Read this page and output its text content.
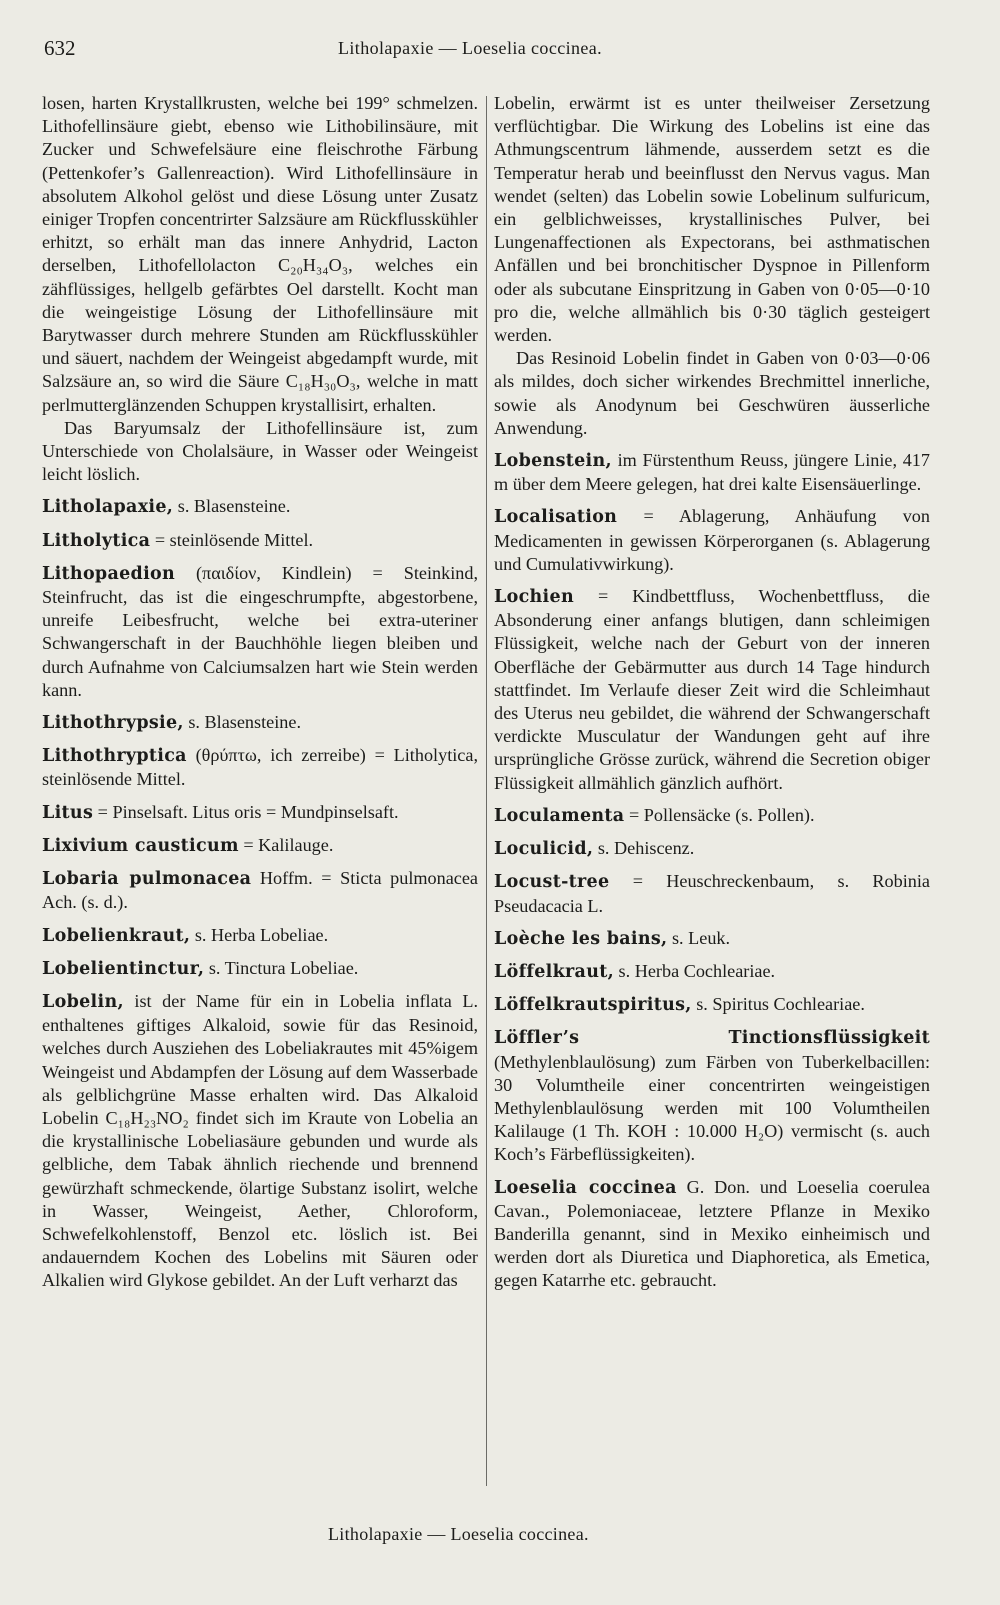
632	Litholapaxie — Loeselia coccinea.

losen, harten Krystallkrusten, welche bei 199° schmelzen. Lithofellinsäure giebt, ebenso wie Lithobilinsäure, mit Zucker und Schwefelsäure eine fleischrothe Färbung (Pettenkofer’s Gallenreaction). Wird Lithofellinsäure in absolutem Alkohol gelöst und diese Lösung unter Zusatz einiger Tropfen concentrirter Salzsäure am Rückflusskühler erhitzt, so erhält man das innere Anhydrid, Lacton derselben, Lithofellolacton C₂₀H₃₄O₃, welches ein zähflüssiges, hellgelb gefärbtes Oel darstellt. Kocht man die weingeistige Lösung der Lithofellinsäure mit Barytwasser durch mehrere Stunden am Rückflusskühler und säuert, nachdem der Weingeist abgedampft wurde, mit Salzsäure an, so wird die Säure C₁₈H₃₀O₃, welche in matt perlmutterglänzenden Schuppen krystallisirt, erhalten.

Das Baryumsalz der Lithofellinsäure ist, zum Unterschiede von Cholalsäure, in Wasser oder Weingeist leicht löslich.

Litholapaxie, s. Blasensteine.

Litholytica = steinlösende Mittel.

Lithopaedion (παιδίον, Kindlein) = Steinkind, Steinfrucht, das ist die eingeschrumpfte, abgestorbene, unreife Leibesfrucht, welche bei extra-uteriner Schwangerschaft in der Bauchhöhle liegen bleiben und durch Aufnahme von Calciumsalzen hart wie Stein werden kann.

Lithothrypsie, s. Blasensteine.

Lithothryptica (θρύπτω, ich zerreibe) = Litholytica, steinlösende Mittel.

Litus = Pinselsaft. Litus oris = Mundpinselsaft.

Lixivium causticum = Kalilauge.

Lobaria pulmonacea Hoffm. = Sticta pulmonacea Ach. (s. d.).

Lobelienkraut, s. Herba Lobeliae.

Lobelientinctur, s. Tinctura Lobeliae.

Lobelin, ist der Name für ein in Lobelia inflata L. enthaltenes giftiges Alkaloid, sowie für das Resinoid, welches durch Ausziehen des Lobeliakrautes mit 45%igem Weingeist und Abdampfen der Lösung auf dem Wasserbade als gelblichgrüne Masse erhalten wird. Das Alkaloid Lobelin C₁₈H₂₃NO₂ findet sich im Kraute von Lobelia an die krystallinische Lobeliasäure gebunden und wurde als gelbliche, dem Tabak ähnlich riechende und brennend gewürzhaft schmeckende, ölartige Substanz isolirt, welche in Wasser, Weingeist, Aether, Chloroform, Schwefelkohlenstoff, Benzol etc. löslich ist. Bei andauerndem Kochen des Lobelins mit Säuren oder Alkalien wird Glykose gebildet. An der Luft verharzt das

Lobelin, erwärmt ist es unter theilweiser Zersetzung verflüchtigbar. Die Wirkung des Lobelins ist eine das Athmungscentrum lähmende, ausserdem setzt es die Temperatur herab und beeinflusst den Nervus vagus. Man wendet (selten) das Lobelin sowie Lobelinum sulfuricum, ein gelblichweisses, krystallinisches Pulver, bei Lungenaffectionen als Expectorans, bei asthmatischen Anfällen und bei bronchitischer Dyspnoe in Pillenform oder als subcutane Einspritzung in Gaben von 0·05—0·10 pro die, welche allmählich bis 0·30 täglich gesteigert werden.

Das Resinoid Lobelin findet in Gaben von 0·03—0·06 als mildes, doch sicher wirkendes Brechmittel innerliche, sowie als Anodynum bei Geschwüren äusserliche Anwendung.

Lobenstein, im Fürstenthum Reuss, jüngere Linie, 417 m über dem Meere gelegen, hat drei kalte Eisensäuerlinge.

Localisation = Ablagerung, Anhäufung von Medicamenten in gewissen Körperorganen (s. Ablagerung und Cumulativwirkung).

Lochien = Kindbettfluss, Wochenbettfluss, die Absonderung einer anfangs blutigen, dann schleimigen Flüssigkeit, welche nach der Geburt von der inneren Oberfläche der Gebärmutter aus durch 14 Tage hindurch stattfindet. Im Verlaufe dieser Zeit wird die Schleimhaut des Uterus neu gebildet, die während der Schwangerschaft verdickte Musculatur der Wandungen geht auf ihre ursprüngliche Grösse zurück, während die Secretion obiger Flüssigkeit allmählich gänzlich aufhört.

Loculamenta = Pollensäcke (s. Pollen).

Loculicid, s. Dehiscenz.

Locust-tree = Heuschreckenbaum, s. Robinia Pseudacacia L.

Loèche les bains, s. Leuk.

Löffelkraut, s. Herba Cochleariae.

Löffelkrautspiritus, s. Spiritus Cochleariae.

Löffler’s Tinctionsflüssigkeit (Methylenblaulösung) zum Färben von Tuberkelbacillen: 30 Volumtheile einer concentrirten weingeistigen Methylenblaulösung werden mit 100 Volumtheilen Kalilauge (1 Th. KOH : 10.000 H₂O) vermischt (s. auch Koch’s Färbeflüssigkeiten).

Loeselia coccinea G. Don. und Loeselia coerulea Cavan., Polemoniaceae, letztere Pflanze in Mexiko Banderilla genannt, sind in Mexiko einheimisch und werden dort als Diuretica und Diaphoretica, als Emetica, gegen Katarrhe etc. gebraucht.

Litholapaxie — Loeselia coccinea.
